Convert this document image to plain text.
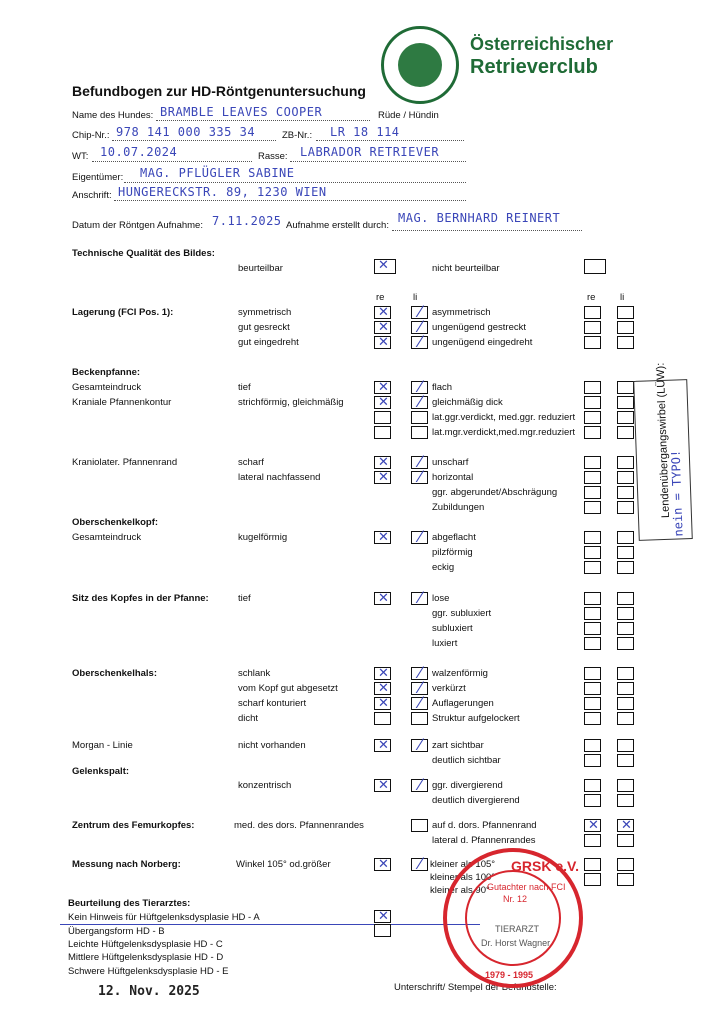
Österreichischer
Retrieverclub
Befundbogen zur HD-Röntgenuntersuchung
Name des Hundes: BRAMBLE LEAVES COOPER	Rüde / Hündin
Chip-Nr.: 978 141 000 335 34	ZB-Nr.: LR 18 114
WT: 10.07.2024	Rasse: LABRADOR RETRIEVER
Eigentümer: MAG. PFLÜGLER SABINE
Anschrift: HUNGERECKSTR. 89, 1230 WIEN
Datum der Röntgen Aufnahme: 7.11.2025 Aufnahme erstellt durch:
MAG. BERNHARD REINERT
Technische Qualität des Bildes:
beurteilbar
✕	nicht beurteilbar
re	li	re	li
Lagerung (FCI Pos. 1):	symmetrisch
gut gesreckt
gut eingedreht
asymmetrisch
ungenügend gestreckt
ungenügend eingedreht
Beckenpfanne:
Gesamteindruck
Kraniale Pfannenkontur
tief
strichförmig, gleichmäßig
flach
gleichmäßig dick
lat.ggr.verdickt, med.ggr. reduziert
lat.mgr.verdickt,med.mgr.reduziert
Kraniolater. Pfannenrand	scharf
lateral nachfassend
unscharf
horizontal
ggr. abgerundet/Abschrägung
Zubildungen
Oberschenkelkopf:
Gesamteindruck	kugelförmig	abgeflacht
pilzförmig
eckig
Sitz des Kopfes in der Pfanne:	tief	lose
ggr. subluxiert
subluxiert
luxiert
Oberschenkelhals:	schlank
vom Kopf gut abgesetzt
scharf konturiert
dicht
walzenförmig
verkürzt
Auflagerungen
Struktur aufgelockert
Morgan - Linie	nicht vorhanden	zart sichtbar
deutlich sichtbar
Gelenkspalt:
konzentrisch	ggr. divergierend
deutlich divergierend
Zentrum des Femurkopfes:	med. des dors. Pfannenrandes	auf d. dors. Pfannenrand
lateral d. Pfannenrandes
Messung nach Norberg:	Winkel 105° od.größer	kleiner als 105°
kleiner als 100°
kleiner als 90°
Beurteilung des Tierarztes:
Kein Hinweis für Hüftgelenksdysplasie HD - A
Übergangsform HD - B
Leichte Hüftgelenksdysplasie HD - C
Mittlere Hüftgelenksdysplasie HD - D
Schwere Hüftgelenksdysplasie HD - E
12. Nov. 2025	Unterschrift/ Stempel der Befundstelle:
✕
⁄
✕
⁄
✕
⁄
✕
⁄
✕
⁄
✕
⁄
✕
⁄
✕
⁄
✕
⁄
✕
⁄
✕
⁄
✕
⁄
✕
⁄
✕
⁄
✕
⁄
✕
✕
✕
Lendenübergangswirbel (LÜW):
nein = TYPO!
GRSK e.V.
Gutachter nach FCI
Nr. 12
TIERARZT
Dr. Horst Wagner
1979 - 1995
